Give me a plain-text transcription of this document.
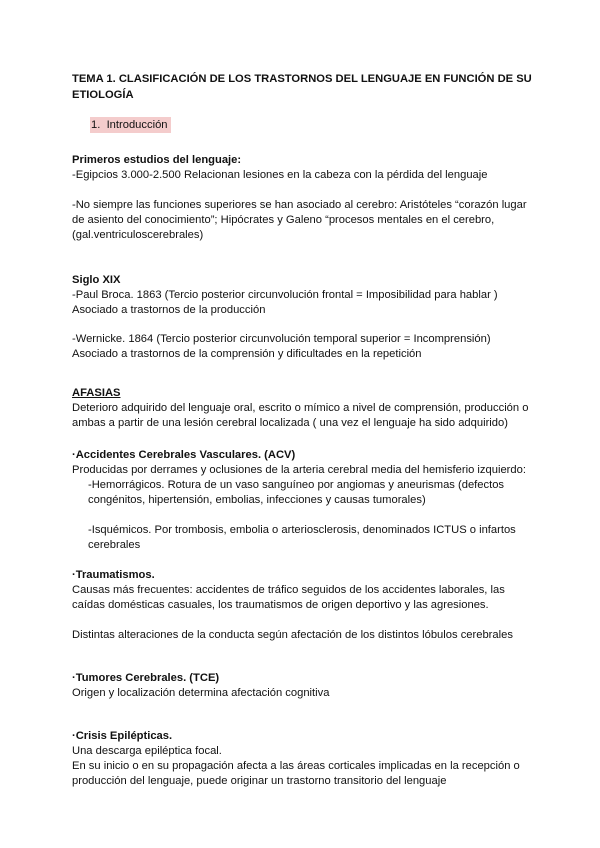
TEMA 1. CLASIFICACIÓN DE LOS TRASTORNOS DEL LENGUAJE EN FUNCIÓN DE SU ETIOLOGÍA

1. Introducción

Primeros estudios del lenguaje:

-Egipcios 3.000-2.500 Relacionan lesiones en la cabeza con la pérdida del lenguaje

-No siempre las funciones superiores se han asociado al cerebro: Aristóteles “corazón lugar de asiento del conocimiento”; Hipócrates y Galeno “procesos mentales en el cerebro, (gal.ventriculoscerebrales)

Siglo XIX

-Paul Broca. 1863 (Tercio posterior circunvolución frontal = Imposibilidad para hablar )

Asociado a trastornos de la producción

-Wernicke. 1864 (Tercio posterior circunvolución temporal superior = Incomprensión)

Asociado a trastornos de la comprensión y dificultades en la repetición

AFASIAS

Deterioro adquirido del lenguaje oral, escrito o mímico a nivel de comprensión, producción o ambas a partir de una lesión cerebral localizada ( una vez el lenguaje ha sido adquirido)

·Accidentes Cerebrales Vasculares. (ACV)

Producidas por derrames y oclusiones de la arteria cerebral media del hemisferio izquierdo:

-Hemorrágicos. Rotura de un vaso sanguíneo por angiomas y aneurismas (defectos congénitos, hipertensión, embolias, infecciones y causas tumorales)

-Isquémicos. Por trombosis, embolia o arteriosclerosis, denominados ICTUS o infartos cerebrales

·Traumatismos.

Causas más frecuentes: accidentes de tráfico seguidos de los accidentes laborales, las caídas domésticas casuales, los traumatismos de origen deportivo y las agresiones.

Distintas alteraciones de la conducta según afectación de los distintos lóbulos cerebrales

·Tumores Cerebrales. (TCE)

Origen y localización determina afectación cognitiva

·Crisis Epilépticas.

Una descarga epiléptica focal.

En su inicio o en su propagación afecta a las áreas corticales implicadas en la recepción o producción del lenguaje, puede originar un trastorno transitorio del lenguaje
